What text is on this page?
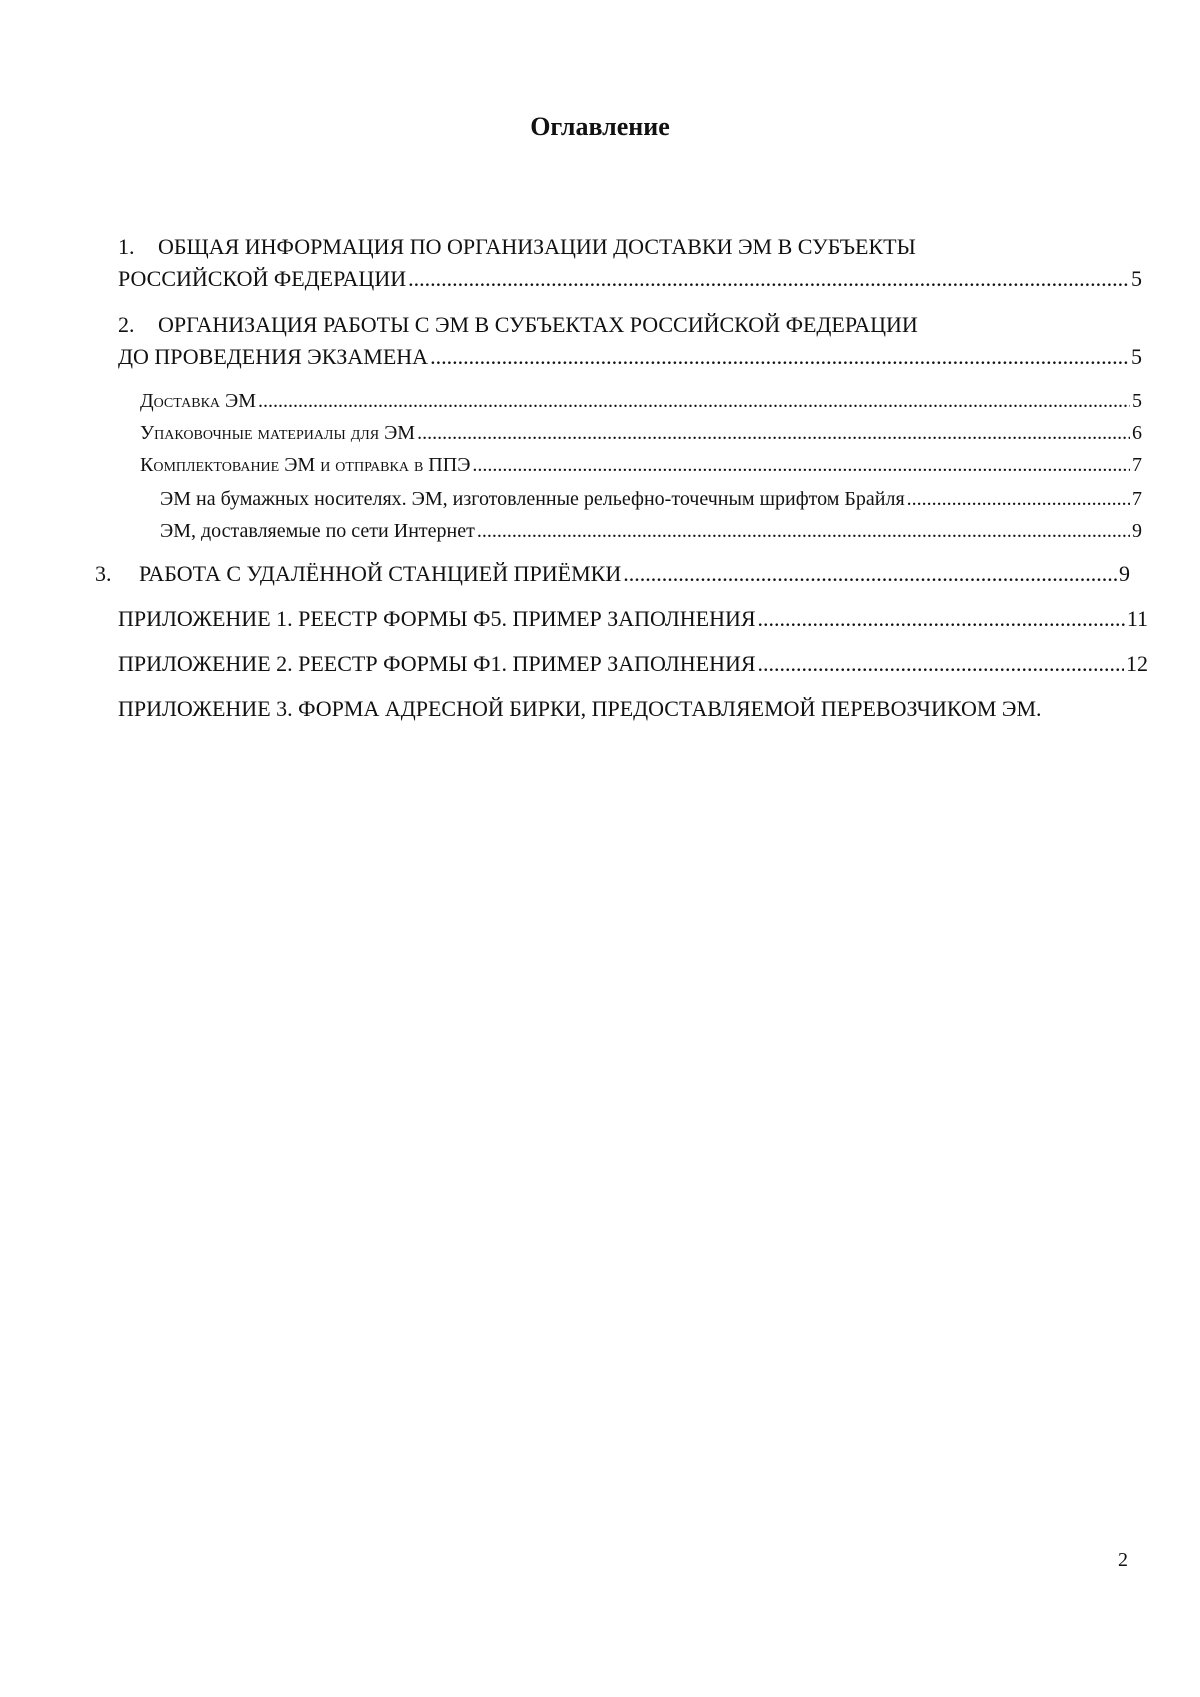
Оглавление
1. ОБЩАЯ ИНФОРМАЦИЯ ПО ОРГАНИЗАЦИИ ДОСТАВКИ ЭМ В СУБЪЕКТЫ
РОССИЙСКОЙ ФЕДЕРАЦИИ .....	5
2. ОРГАНИЗАЦИЯ РАБОТЫ С ЭМ В СУБЪЕКТАХ РОССИЙСКОЙ ФЕДЕРАЦИИ
ДО ПРОВЕДЕНИЯ ЭКЗАМЕНА .....	5
Доставка ЭМ .....	5
Упаковочные материалы для ЭМ .....	6
Комплектование ЭМ и отправка в ППЭ .....	7
ЭМ на бумажных носителях. ЭМ, изготовленные рельефно-точечным шрифтом Брайля .....	7
ЭМ, доставляемые по сети Интернет .....	9
3. РАБОТА С УДАЛЁННОЙ СТАНЦИЕЙ ПРИЁМКИ .....	9
ПРИЛОЖЕНИЕ 1. РЕЕСТР ФОРМЫ Ф5. ПРИМЕР ЗАПОЛНЕНИЯ .....	11
ПРИЛОЖЕНИЕ 2. РЕЕСТР ФОРМЫ Ф1. ПРИМЕР ЗАПОЛНЕНИЯ .....	12
ПРИЛОЖЕНИЕ 3. ФОРМА АДРЕСНОЙ БИРКИ, ПРЕДОСТАВЛЯЕМОЙ ПЕРЕВОЗЧИКОМ ЭМ.
2
